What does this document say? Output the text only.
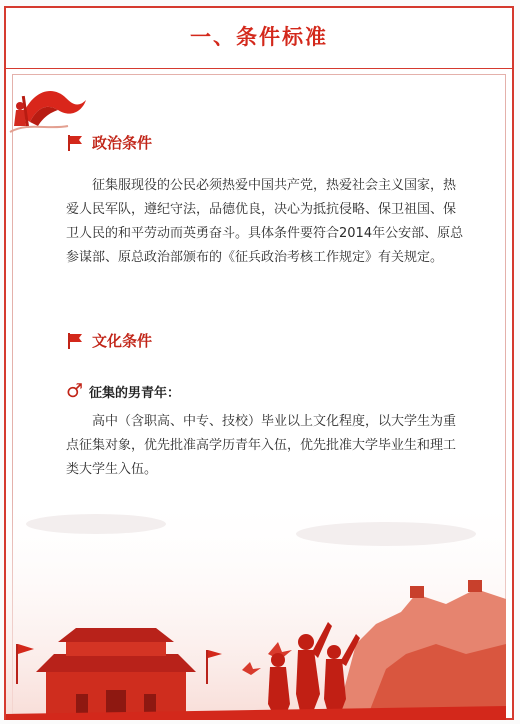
一、条件标准
政治条件

征集服现役的公民必须热爱中国共产党，热爱社会主义国家，热爱人民军队，遵纪守法，品德优良，决心为抵抗侵略、保卫祖国、保卫人民的和平劳动而英勇奋斗。具体条件要符合2014年公安部、原总参谋部、原总政治部颁布的《征兵政治考核工作规定》有关规定。

文化条件
♂ 征集的男青年：

高中（含职高、中专、技校）毕业以上文化程度，以大学生为重点征集对象，优先批准高学历青年入伍，优先批准大学毕业生和理工类大学生入伍。
